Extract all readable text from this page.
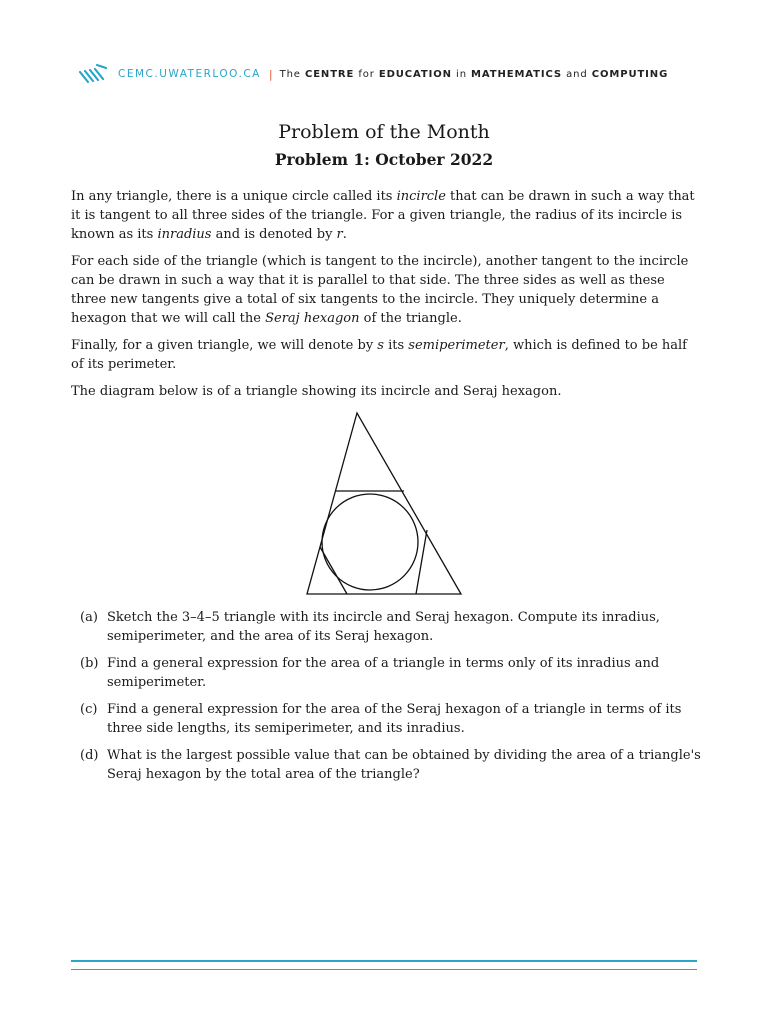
CEMC.UWATERLOO.CA | The CENTRE for EDUCATION in MATHEMATICS and COMPUTING
Problem of the Month
Problem 1: October 2022

In any triangle, there is a unique circle called its incircle that can be drawn in such a way that it is tangent to all three sides of the triangle. For a given triangle, the radius of its incircle is known as its inradius and is denoted by r.

For each side of the triangle (which is tangent to the incircle), another tangent to the incircle can be drawn in such a way that it is parallel to that side. The three sides as well as these three new tangents give a total of six tangents to the incircle. They uniquely determine a hexagon that we will call the Seraj hexagon of the triangle.

Finally, for a given triangle, we will denote by s its semiperimeter, which is defined to be half of its perimeter.

The diagram below is of a triangle showing its incircle and Seraj hexagon.

(a) Sketch the 3–4–5 triangle with its incircle and Seraj hexagon. Compute its inradius, semiperimeter, and the area of its Seraj hexagon.
(b) Find a general expression for the area of a triangle in terms only of its inradius and semiperimeter.
(c) Find a general expression for the area of the Seraj hexagon of a triangle in terms of its three side lengths, its semiperimeter, and its inradius.
(d) What is the largest possible value that can be obtained by dividing the area of a triangle's Seraj hexagon by the total area of the triangle?
